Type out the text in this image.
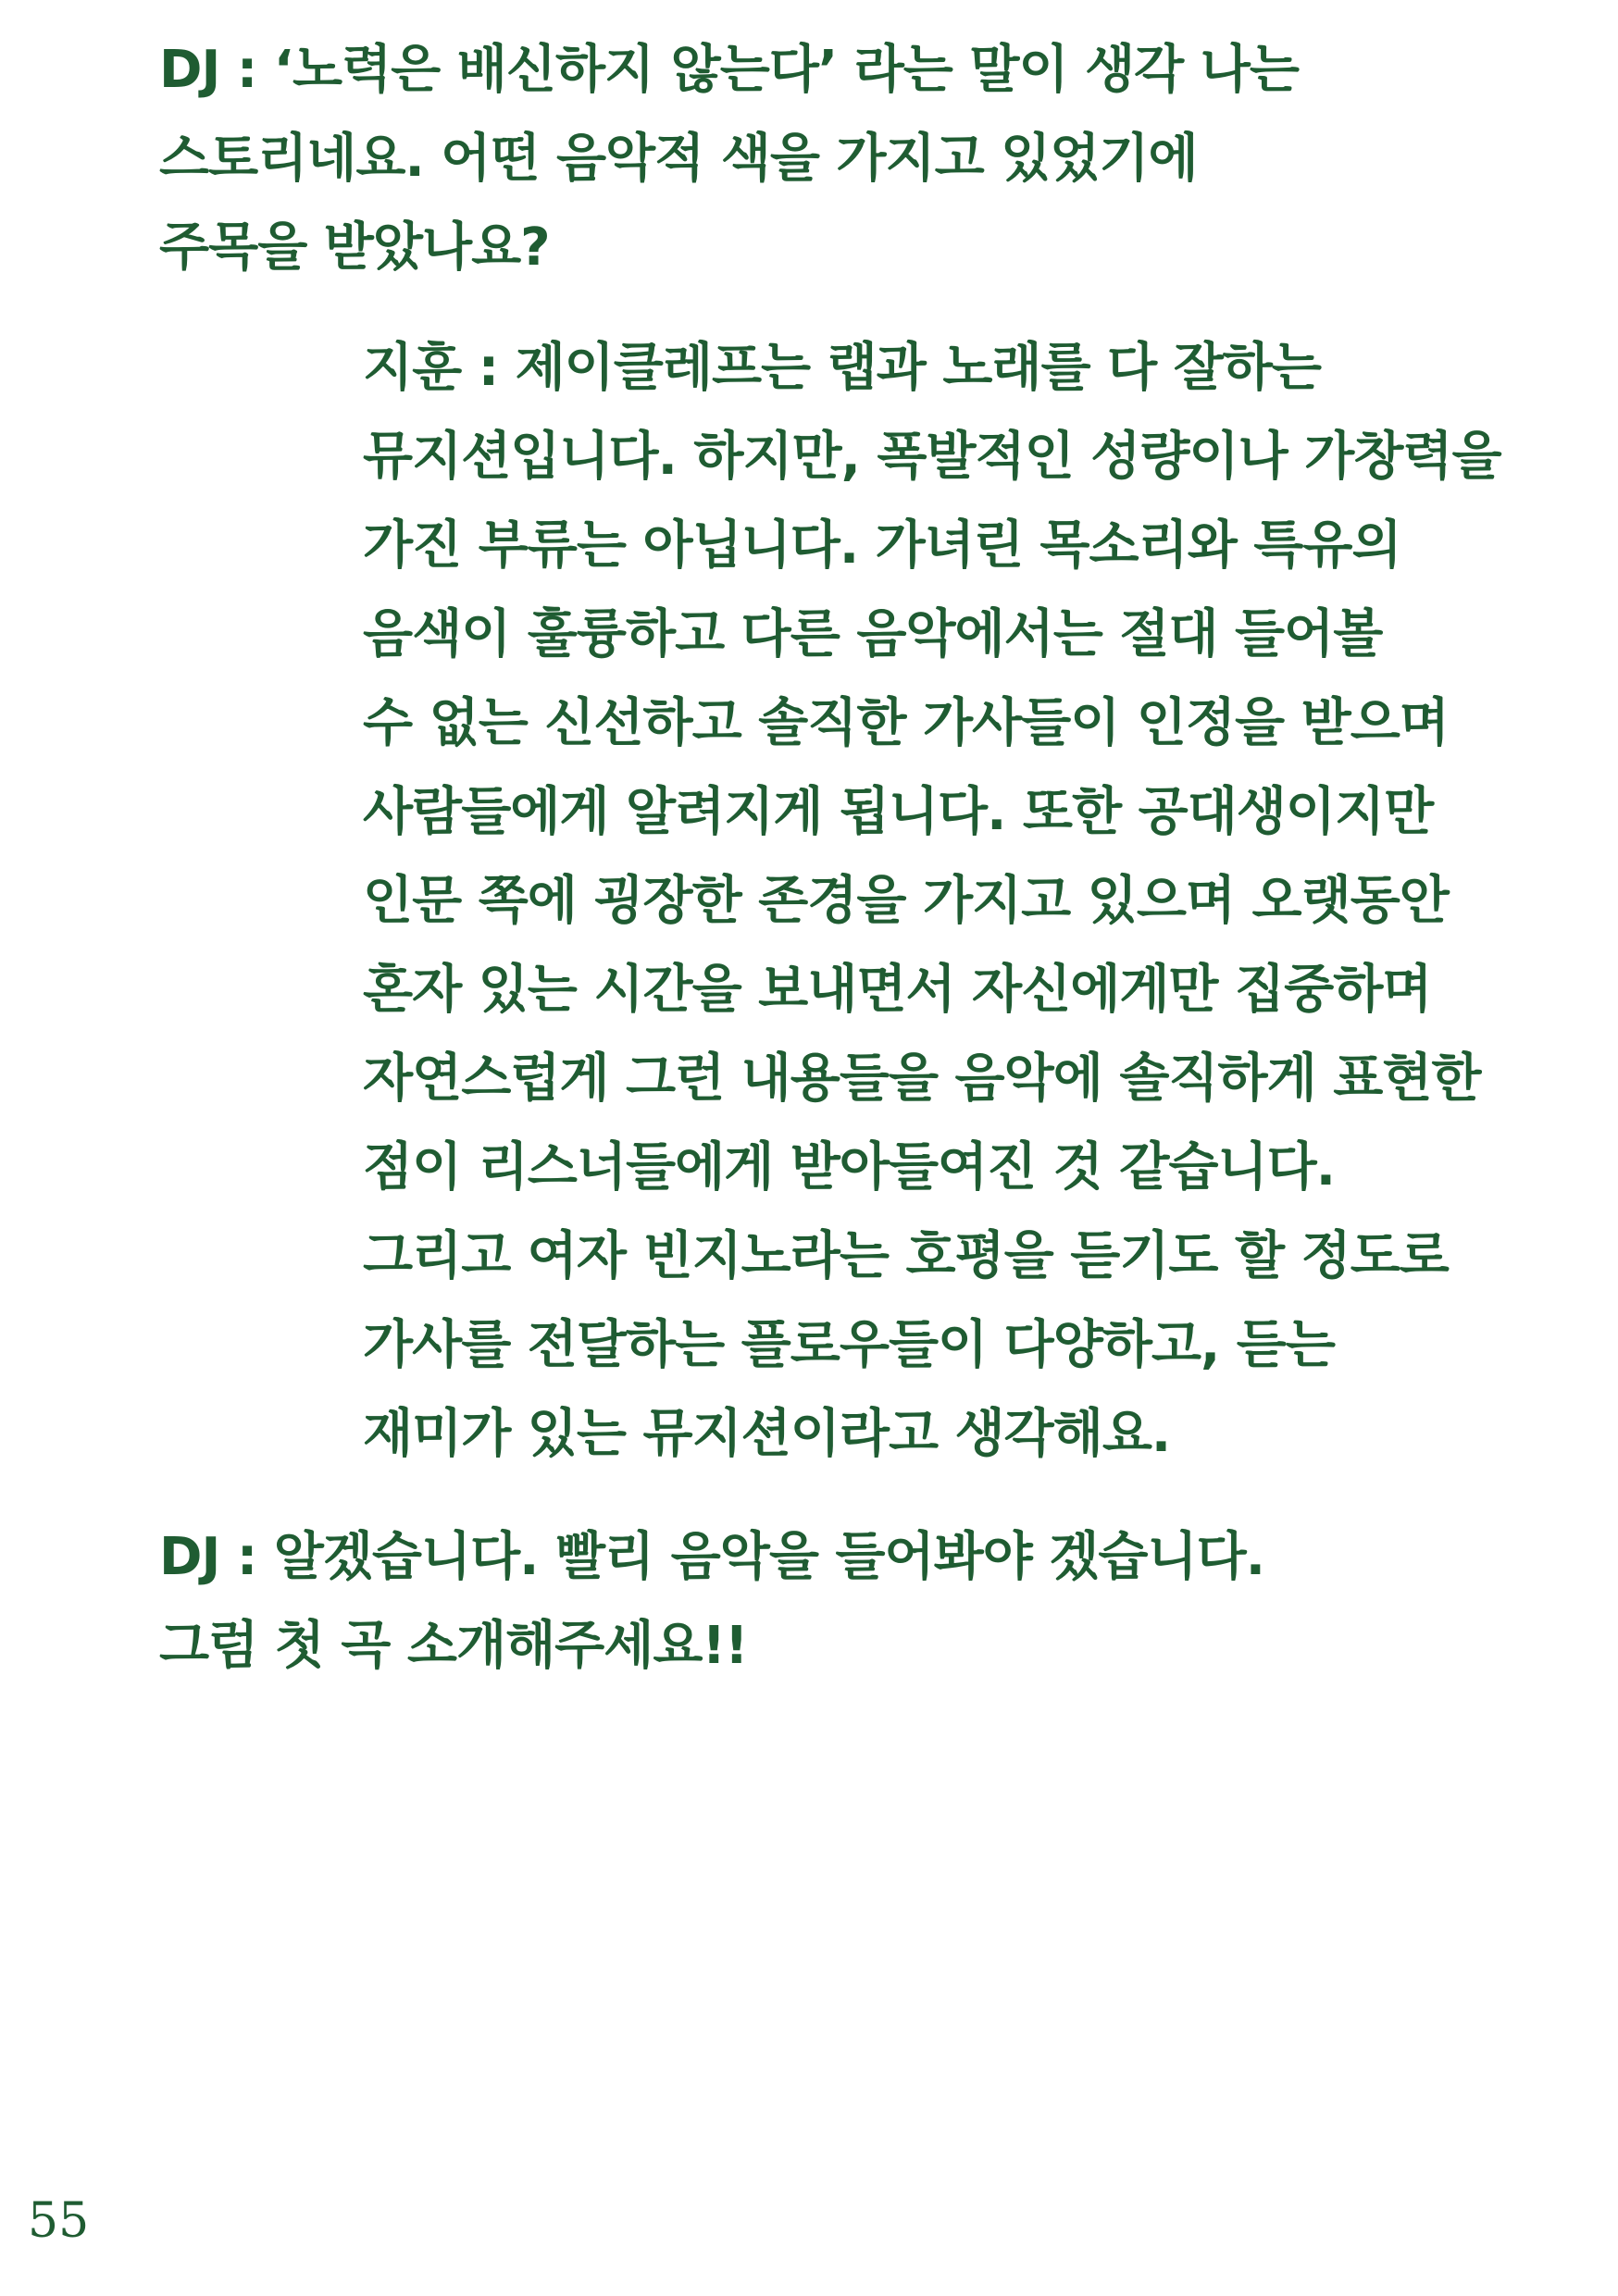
DJ : ‘노력은 배신하지 않는다’ 라는 말이 생각 나는
스토리네요. 어떤 음악적 색을 가지고 있었기에
주목을 받았나요?
지훈 : 제이클레프는 랩과 노래를 다 잘하는
뮤지션입니다. 하지만, 폭발적인 성량이나 가창력을
가진 부류는 아닙니다. 가녀린 목소리와 특유의
음색이 훌륭하고 다른 음악에서는 절대 들어볼
수 없는 신선하고 솔직한 가사들이 인정을 받으며
사람들에게 알려지게 됩니다. 또한 공대생이지만
인문 쪽에 굉장한 존경을 가지고 있으며 오랫동안
혼자 있는 시간을 보내면서 자신에게만 집중하며
자연스럽게 그런 내용들을 음악에 솔직하게 표현한
점이 리스너들에게 받아들여진 것 같습니다.
그리고 여자 빈지노라는 호평을 듣기도 할 정도로
가사를 전달하는 플로우들이 다양하고, 듣는
재미가 있는 뮤지션이라고 생각해요.
DJ : 알겠습니다. 빨리 음악을 들어봐야 겠습니다.
그럼 첫 곡 소개해주세요!!
55
